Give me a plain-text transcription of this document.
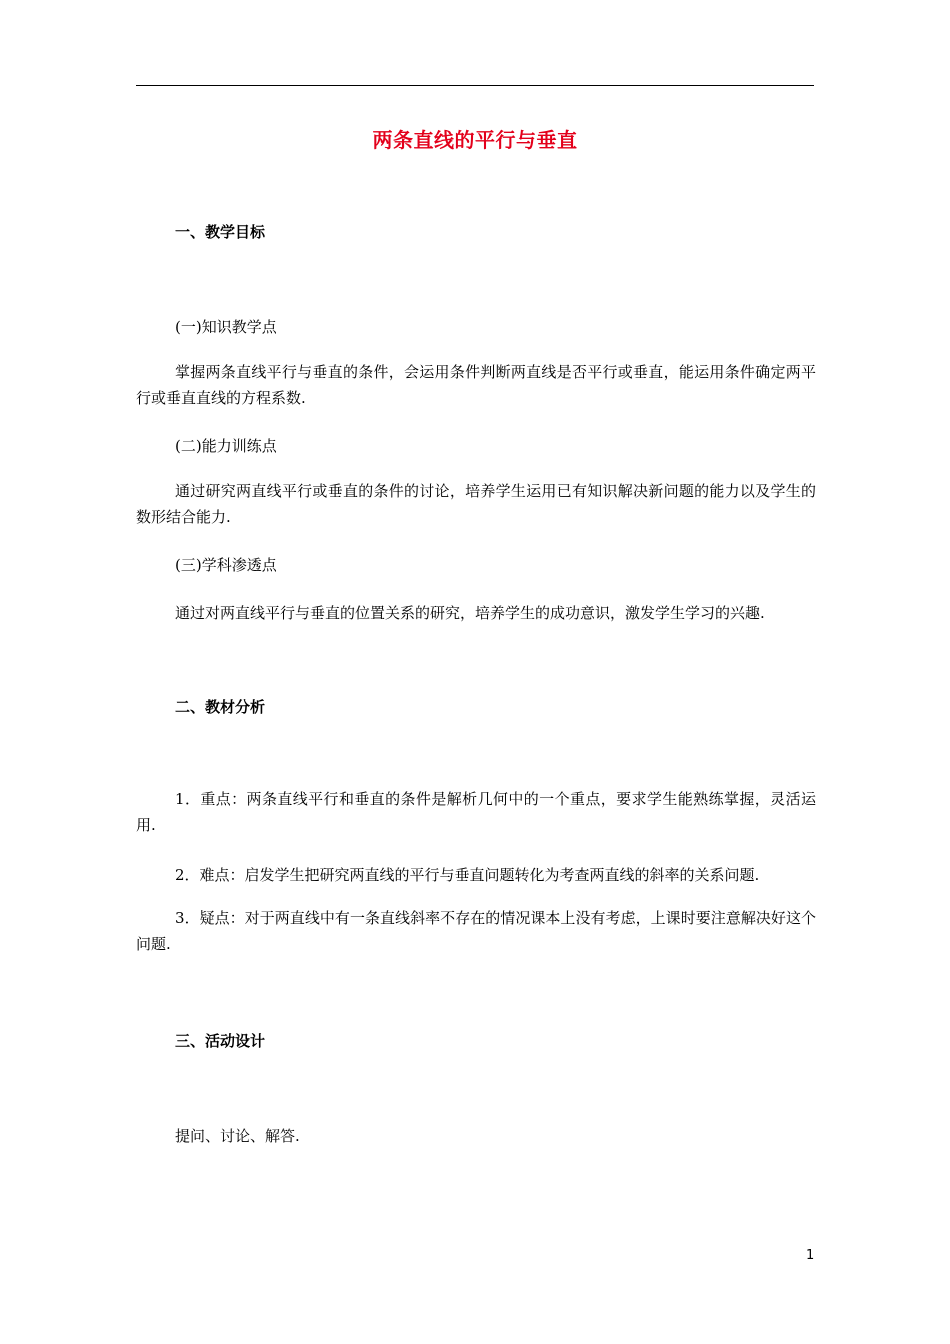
两条直线的平行与垂直
一、教学目标
(一)知识教学点
掌握两条直线平行与垂直的条件，会运用条件判断两直线是否平行或垂直，能运用条件确定两平行或垂直直线的方程系数.
(二)能力训练点
通过研究两直线平行或垂直的条件的讨论，培养学生运用已有知识解决新问题的能力以及学生的数形结合能力.
(三)学科渗透点
通过对两直线平行与垂直的位置关系的研究，培养学生的成功意识，激发学生学习的兴趣.
二、教材分析
1．重点：两条直线平行和垂直的条件是解析几何中的一个重点，要求学生能熟练掌握，灵活运用.
2．难点：启发学生把研究两直线的平行与垂直问题转化为考查两直线的斜率的关系问题.
3．疑点：对于两直线中有一条直线斜率不存在的情况课本上没有考虑，上课时要注意解决好这个问题.
三、活动设计
提问、讨论、解答.
1
